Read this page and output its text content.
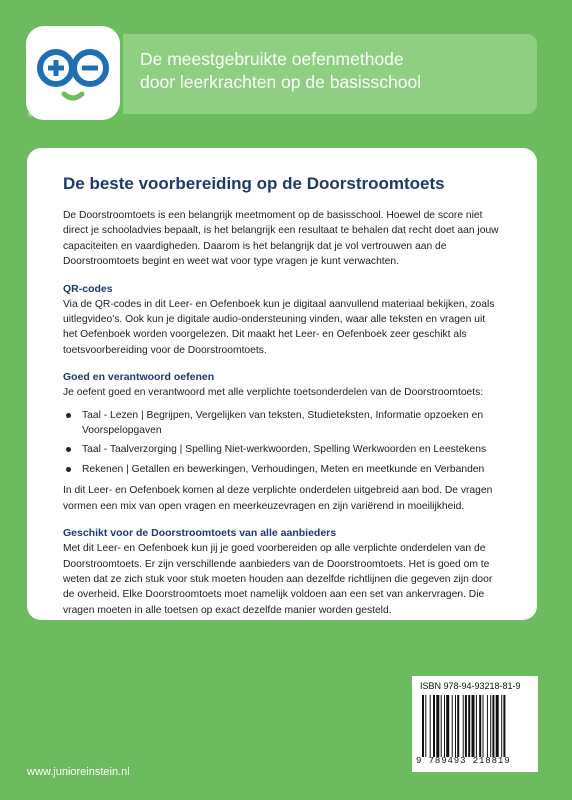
®
De meestgebruikte oefenmethode
door leerkrachten op de basisschool
De beste voorbereiding op de Doorstroomtoets

De Doorstroomtoets is een belangrijk meetmoment op de basisschool. Hoewel de score niet direct je schooladvies bepaalt, is het belangrijk een resultaat te behalen dat recht doet aan jouw capaciteiten en vaardigheden. Daarom is het belangrijk dat je vol vertrouwen aan de Doorstroomtoets begint en weet wat voor type vragen je kunt verwachten.

QR-codes

Via de QR-codes in dit Leer- en Oefenboek kun je digitaal aanvullend materiaal bekijken, zoals uitlegvideo's. Ook kun je digitale audio-ondersteuning vinden, waar alle teksten en vragen uit het Oefenboek worden voorgelezen. Dit maakt het Leer- en Oefenboek zeer geschikt als toetsvoorbereiding voor de Doorstroomtoets.

Goed en verantwoord oefenen

Je oefent goed en verantwoord met alle verplichte toetsonderdelen van de Doorstroomtoets:

Taal - Lezen | Begrijpen, Vergelijken van teksten, Studieteksten, Informatie opzoeken en Voorspelopgaven
Taal - Taalverzorging | Spelling Niet-werkwoorden, Spelling Werkwoorden en Leestekens
Rekenen | Getallen en bewerkingen, Verhoudingen, Meten en meetkunde en Verbanden

In dit Leer- en Oefenboek komen al deze verplichte onderdelen uitgebreid aan bod. De vragen vormen een mix van open vragen en meerkeuzevragen en zijn variërend in moeilijkheid.

Geschikt voor de Doorstroomtoets van alle aanbieders

Met dit Leer- en Oefenboek kun jij je goed voorbereiden op alle verplichte onderdelen van de Doorstroomtoets. Er zijn verschillende aanbieders van de Doorstroomtoets. Het is goed om te weten dat ze zich stuk voor stuk moeten houden aan dezelfde richtlijnen die gegeven zijn door de overheid. Elke Doorstroomtoets moet namelijk voldoen aan een set van ankervragen. Die vragen moeten in alle toetsen op exact dezelfde manier worden gesteld.

ISBN 978-94-93218-81-9
9 789493 218819
www.junioreinstein.nl
